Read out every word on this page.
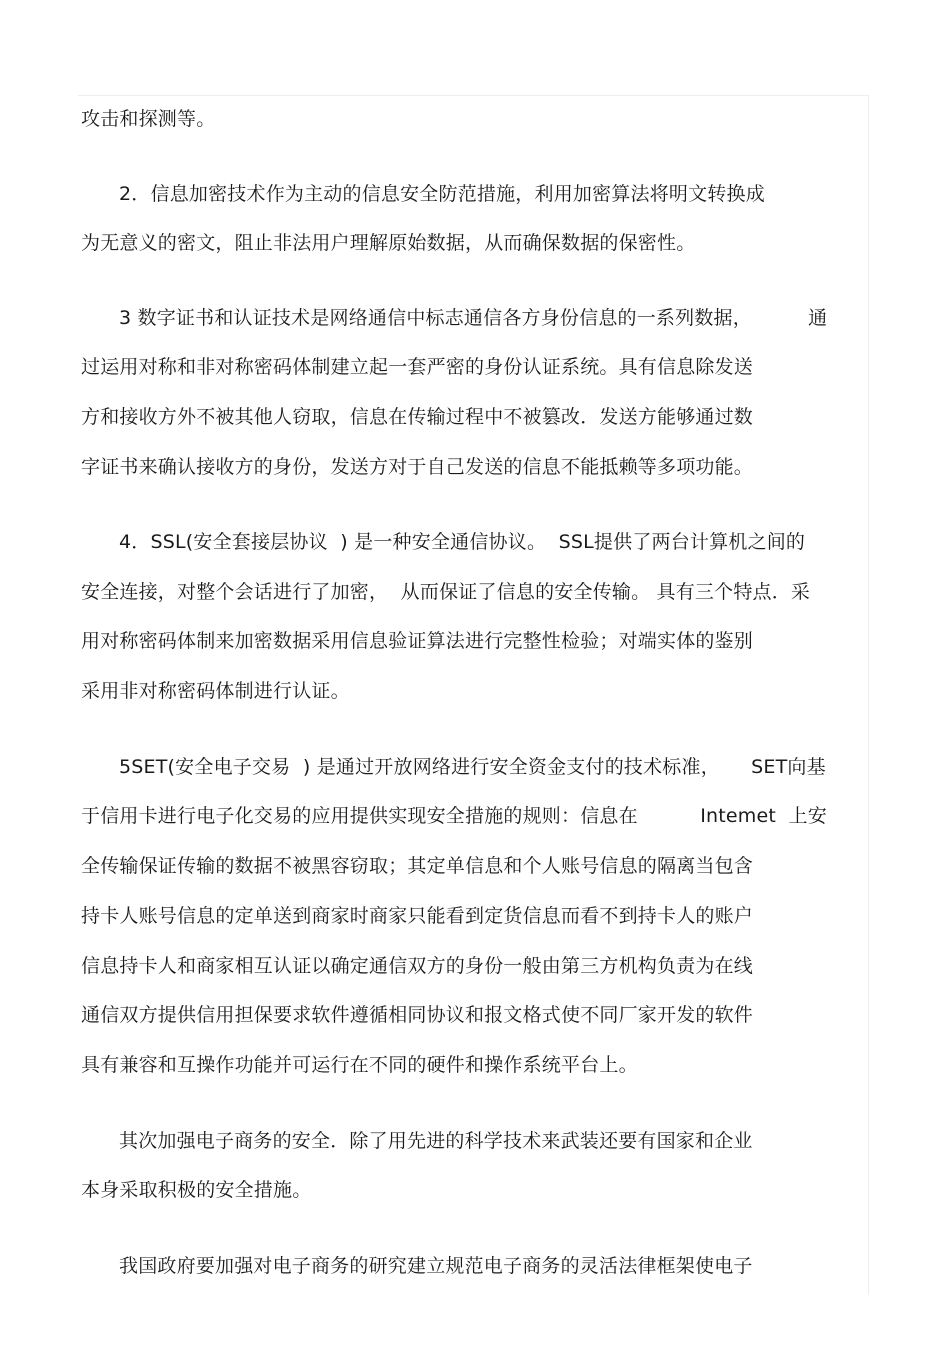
攻击和探测等。
2．信息加密技术作为主动的信息安全防范措施，利用加密算法将明文转换成
为无意义的密文，阻止非法用户理解原始数据，从而确保数据的保密性。
3 数字证书和认证技术是网络通信中标志通信各方身份信息的一系列数据，         通
过运用对称和非对称密码体制建立起一套严密的身份认证系统。具有信息除发送
方和接收方外不被其他人窃取，信息在传输过程中不被篡改．发送方能够通过数
字证书来确认接收方的身份，发送方对于自己发送的信息不能抵赖等多项功能。
4．SSL(安全套接层协议  ) 是一种安全通信协议。  SSL提供了两台计算机之间的
安全连接，对整个会话进行了加密，  从而保证了信息的安全传输。 具有三个特点．采
用对称密码体制来加密数据采用信息验证算法进行完整性检验；对端实体的鉴别
采用非对称密码体制进行认证。
5SET(安全电子交易  ) 是通过开放网络进行安全资金支付的技术标准，     SET向基
于信用卡进行电子化交易的应用提供实现安全措施的规则：信息在          Intemet  上安
全传输保证传输的数据不被黑容窃取；其定单信息和个人账号信息的隔离当包含
持卡人账号信息的定单送到商家时商家只能看到定货信息而看不到持卡人的账户
信息持卡人和商家相互认证以确定通信双方的身份一般由第三方机构负责为在线
通信双方提供信用担保要求软件遵循相同协议和报文格式使不同厂家开发的软件
具有兼容和互操作功能并可运行在不同的硬件和操作系统平台上。
其次加强电子商务的安全．除了用先进的科学技术来武装还要有国家和企业
本身采取积极的安全措施。
我国政府要加强对电子商务的研究建立规范电子商务的灵活法律框架使电子
